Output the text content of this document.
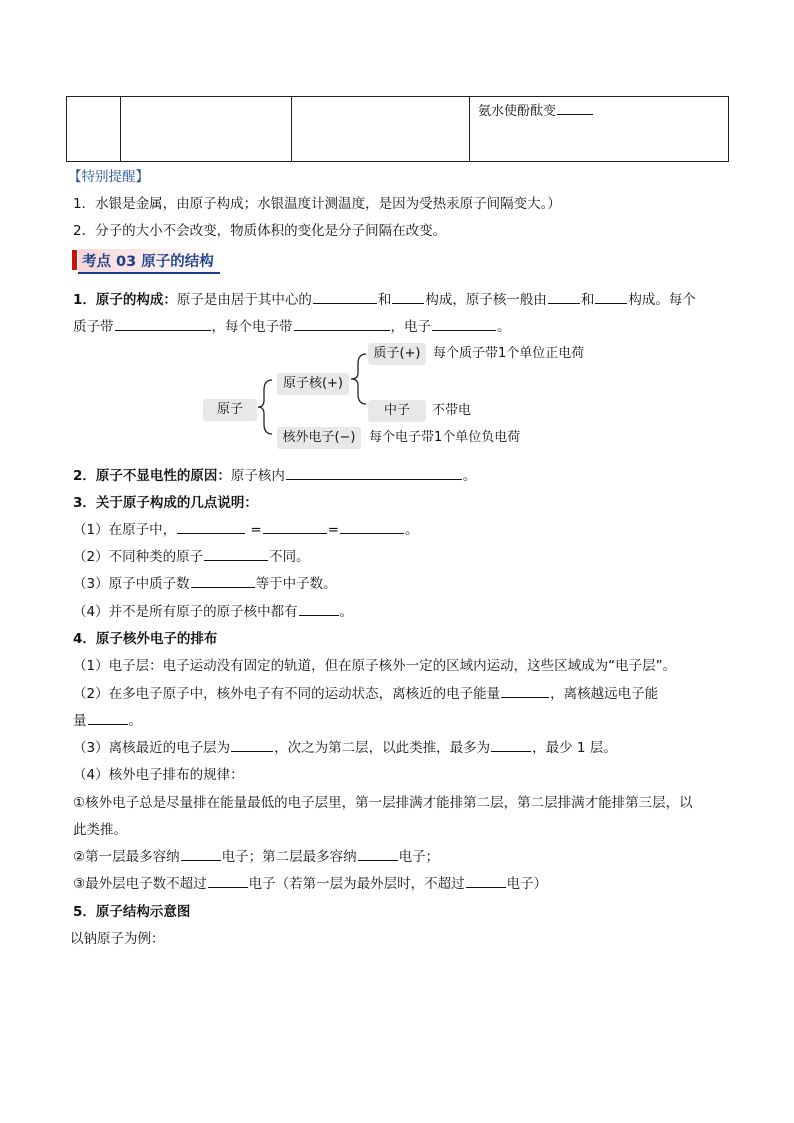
氨水使酚酞变
【特别提醒】
1．水银是金属，由原子构成；水银温度计测温度，是因为受热汞原子间隔变大。）
2．分子的大小不会改变，物质体积的变化是分子间隔在改变。
考点 03 原子的结构
1．原子的构成：原子是由居于其中心的	和	构成，原子核一般由	和	构成。每个
质子带	，每个电子带	，电子	。
原子
原子核(+)
质子(+) 每个质子带1个单位正电荷
中子	不带电
核外电子(−)	每个电子带1个单位负电荷
2．原子不显电性的原因：原子核内	。
3．关于原子构成的几点说明：
（1）在原子中，	=	=	。
（2）不同种类的原子	不同。
（3）原子中质子数	等于中子数。
（4）并不是所有原子的原子核中都有	。
4．原子核外电子的排布
（1）电子层：电子运动没有固定的轨道，但在原子核外一定的区域内运动，这些区域成为“电子层”。
（2）在多电子原子中，核外电子有不同的运动状态，离核近的电子能量	，离核越远电子能
量	。
（3）离核最近的电子层为	，次之为第二层，以此类推，最多为	，最少 1 层。
（4）核外电子排布的规律：
①核外电子总是尽量排在能量最低的电子层里，第一层排满才能排第二层，第二层排满才能排第三层，以
此类推。
②第一层最多容纳	电子；第二层最多容纳	电子；
③最外层电子数不超过	电子（若第一层为最外层时，不超过	电子）
5．原子结构示意图
以钠原子为例：
